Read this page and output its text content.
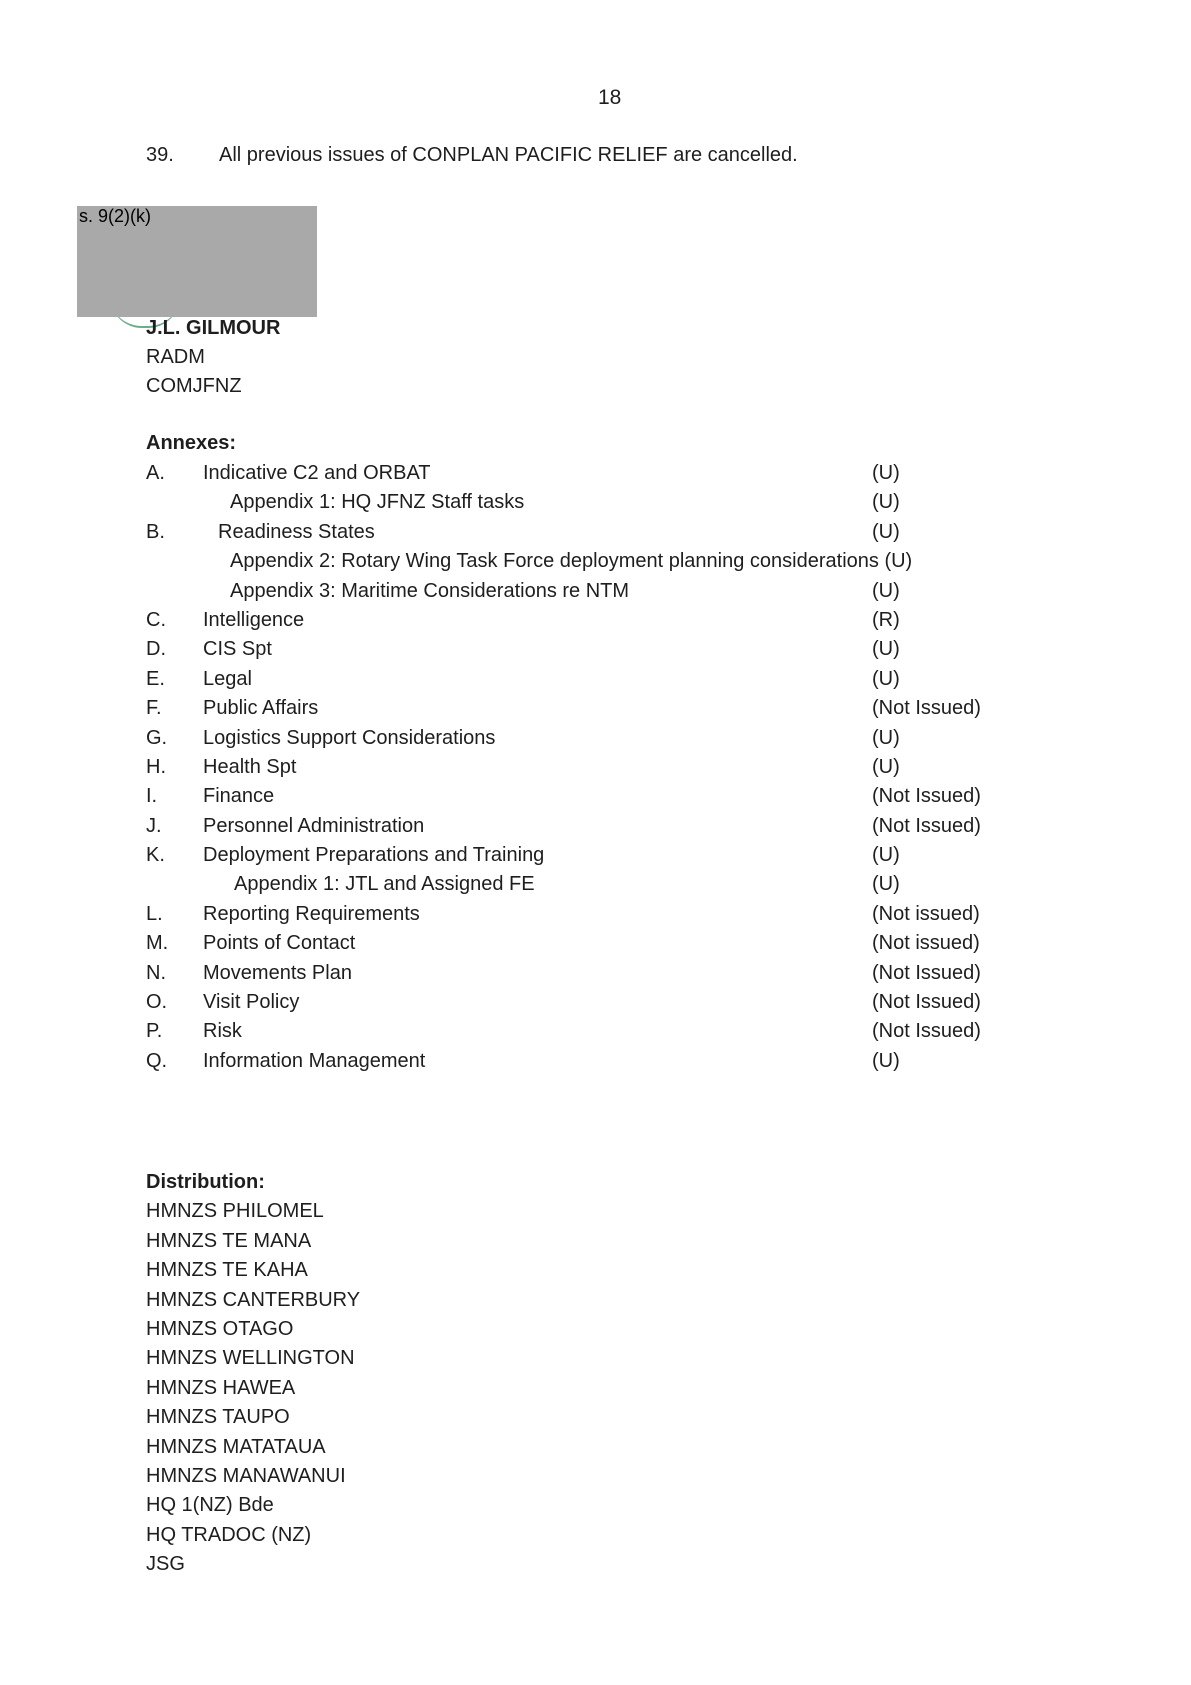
18
39. All previous issues of CONPLAN PACIFIC RELIEF are cancelled.
s. 9(2)(k)
J.L. GILMOUR
RADM
COMJFNZ
Annexes:
A. Indicative C2 and ORBAT	(U)
Appendix 1: HQ JFNZ Staff tasks	(U)
B.	Readiness States	(U)
Appendix 2: Rotary Wing Task Force deployment planning considerations (U)
Appendix 3: Maritime Considerations re NTM	(U)
C. Intelligence	(R)
D. CIS Spt	(U)
E. Legal	(U)
F. Public Affairs	(Not Issued)
G. Logistics Support Considerations	(U)
H. Health Spt	(U)
I. Finance	(Not Issued)
J. Personnel Administration	(Not Issued)
K. Deployment Preparations and Training	(U)
Appendix 1: JTL and Assigned FE	(U)
L. Reporting Requirements	(Not issued)
M. Points of Contact	(Not issued)
N. Movements Plan	(Not Issued)
O. Visit Policy	(Not Issued)
P. Risk	(Not Issued)
Q. Information Management	(U)
Distribution:
HMNZS PHILOMEL
HMNZS TE MANA
HMNZS TE KAHA
HMNZS CANTERBURY
HMNZS OTAGO
HMNZS WELLINGTON
HMNZS HAWEA
HMNZS TAUPO
HMNZS MATATAUA
HMNZS MANAWANUI
HQ 1(NZ) Bde
HQ TRADOC (NZ)
JSG
